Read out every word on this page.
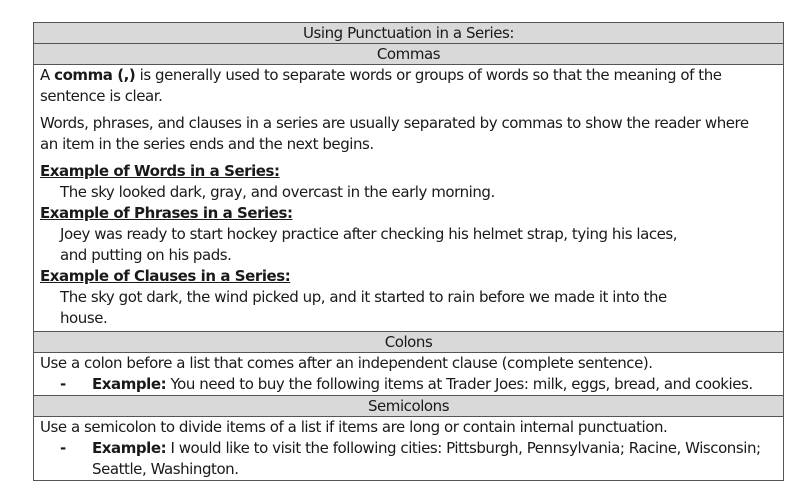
Using Punctuation in a Series:
Commas
A comma (,) is generally used to separate words or groups of words so that the meaning of the
sentence is clear.
Words, phrases, and clauses in a series are usually separated by commas to show the reader where
an item in the series ends and the next begins.
Example of Words in a Series:
The sky looked dark, gray, and overcast in the early morning.
Example of Phrases in a Series:
Joey was ready to start hockey practice after checking his helmet strap, tying his laces,
and putting on his pads.
Example of Clauses in a Series:
The sky got dark, the wind picked up, and it started to rain before we made it into the
house.
Colons
Use a colon before a list that comes after an independent clause (complete sentence).
-	Example: You need to buy the following items at Trader Joes: milk, eggs, bread, and cookies.
Semicolons
Use a semicolon to divide items of a list if items are long or contain internal punctuation.
-	Example: I would like to visit the following cities: Pittsburgh, Pennsylvania; Racine, Wisconsin;
Seattle, Washington.
